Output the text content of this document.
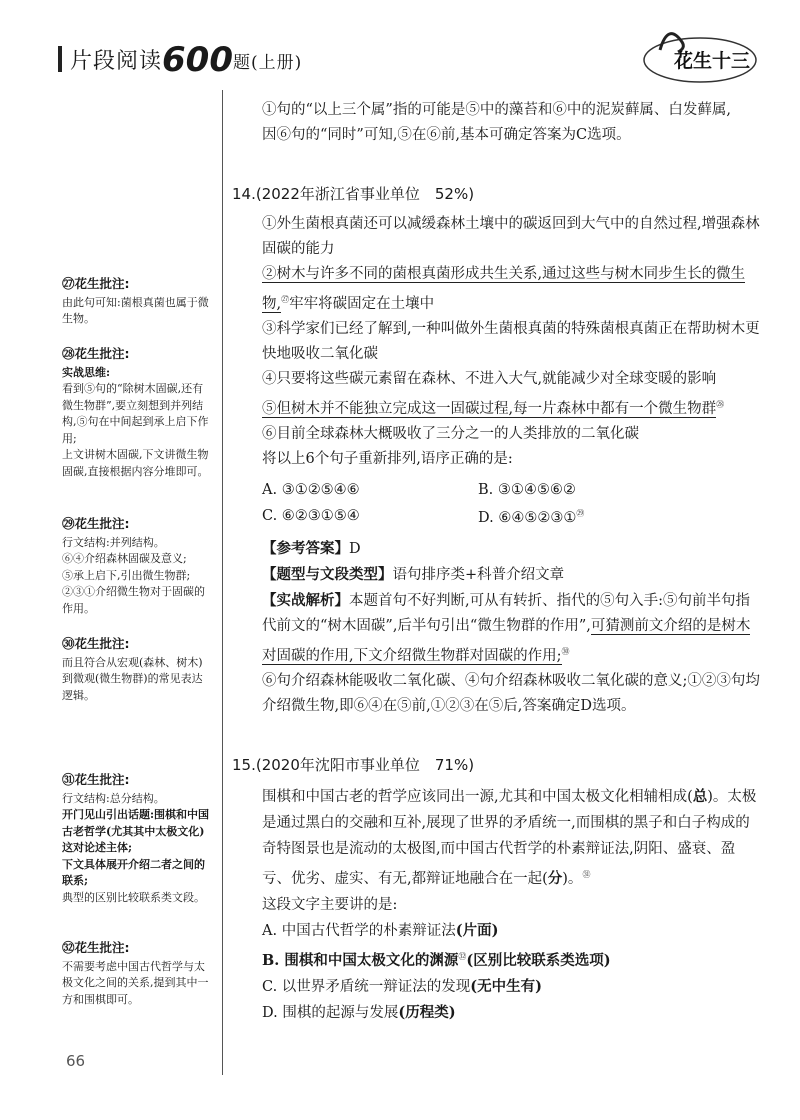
片段阅读600题(上册)	花生十三

①句的“以上三个属”指的可能是⑤中的藻苔和⑥中的泥炭藓属、白发藓属,

因⑥句的“同时”可知,⑤在⑥前,基本可确定答案为C选项。

14.(2022年浙江省事业单位　52%)

①外生菌根真菌还可以减缓森林土壤中的碳返回到大气中的自然过程,增强森林固碳的能力

②树木与许多不同的菌根真菌形成共生关系,通过这些与树木同步生长的微生物,$^㉗$牢牢将碳固定在土壤中

③科学家们已经了解到,一种叫做外生菌根真菌的特殊菌根真菌正在帮助树木更快地吸收二氧化碳

④只要将这些碳元素留在森林、不进入大气,就能减少对全球变暖的影响

⑤但树木并不能独立完成这一固碳过程,每一片森林中都有一个微生物群$^㉘$

⑥目前全球森林大概吸收了三分之一的人类排放的二氧化碳

将以上6个句子重新排列,语序正确的是:

A. ③①②⑤④⑥	B. ③①④⑤⑥②
C. ⑥②③①⑤④	D. ⑥④⑤②③①$^㉙$

【参考答案】D

【题型与文段类型】语句排序类+科普介绍文章

【实战解析】本题首句不好判断,可从有转折、指代的⑤句入手:⑤句前半句指代前文的“树木固碳”,后半句引出“微生物群的作用”,可猜测前文介绍的是树木对固碳的作用,下文介绍微生物群对固碳的作用;$^㉚$

⑥句介绍森林能吸收二氧化碳、④句介绍森林吸收二氧化碳的意义;①②③句均介绍微生物,即⑥④在⑤前,①②③在⑤后,答案确定D选项。

15.(2020年沈阳市事业单位　71%)

围棋和中国古老的哲学应该同出一源,尤其和中国太极文化相辅相成(总)。太极是通过黑白的交融和互补,展现了世界的矛盾统一,而围棋的黑子和白子构成的奇特图景也是流动的太极图,而中国古代哲学的朴素辩证法,阴阳、盛衰、盈亏、优劣、虚实、有无,都辩证地融合在一起(分)。$^㉛$

这段文字主要讲的是:

A. 中国古代哲学的朴素辩证法(片面)

B. 围棋和中国太极文化的渊源$^㉜$(区别比较联系类选项)

C. 以世界矛盾统一辩证法的发现(无中生有)

D. 围棋的起源与发展(历程类)

㉗花生批注:
由此句可知:菌根真菌也属于微生物。
㉘花生批注:
实战思维:
看到⑤句的“除树木固碳,还有微生物群”,要立刻想到并列结构,⑤句在中间起到承上启下作用;
上文讲树木固碳,下文讲微生物固碳,直接根据内容分堆即可。
㉙花生批注:
行文结构:并列结构。
⑥④介绍森林固碳及意义;
⑤承上启下,引出微生物群;
②③①介绍微生物对于固碳的作用。
㉚花生批注:
而且符合从宏观(森林、树木)到微观(微生物群)的常见表达逻辑。
㉛花生批注:
行文结构:总分结构。
开门见山引出话题:围棋和中国古老哲学(尤其其中太极文化)这对论述主体;
下文具体展开介绍二者之间的联系;
典型的区别比较联系类文段。
㉜花生批注:
不需要考虑中国古代哲学与太极文化之间的关系,提到其中一方和围棋即可。
66
